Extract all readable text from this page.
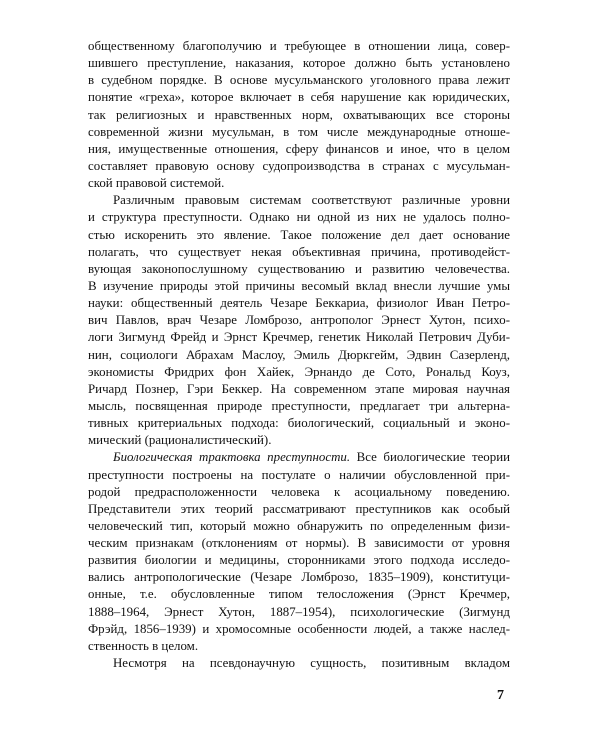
общественному благополучию и требующее в отношении лица, совер-
шившего преступление, наказания, которое должно быть установлено
в судебном порядке. В основе мусульманского уголовного права лежит
понятие «греха», которое включает в себя нарушение как юридических,
так религиозных и нравственных норм, охватывающих все стороны
современной жизни мусульман, в том числе международные отноше-
ния, имущественные отношения, сферу финансов и иное, что в целом
составляет правовую основу судопроизводства в странах с мусульман-
ской правовой системой.
Различным правовым системам соответствуют различные уровни
и структура преступности. Однако ни одной из них не удалось полно-
стью искоренить это явление. Такое положение дел дает основание
полагать, что существует некая объективная причина, противодейст-
вующая законопослушному существованию и развитию человечества.
В изучение природы этой причины весомый вклад внесли лучшие умы
науки: общественный деятель Чезаре Беккариа, физиолог Иван Петро-
вич Павлов, врач Чезаре Ломброзо, антрополог Эрнест Хутон, психо-
логи Зигмунд Фрейд и Эрнст Кречмер, генетик Николай Петрович Дуби-
нин, социологи Абрахам Маслоу, Эмиль Дюркгейм, Эдвин Сазерленд,
экономисты Фридрих фон Хайек, Эрнандо де Сото, Рональд Коуз,
Ричард Познер, Гэри Беккер. На современном этапе мировая научная
мысль, посвященная природе преступности, предлагает три альтерна-
тивных критериальных подхода: биологический, социальный и эконо-
мический (рационалистический).
Биологическая трактовка преступности. Все биологические теории
преступности построены на постулате о наличии обусловленной при-
родой предрасположенности человека к асоциальному поведению.
Представители этих теорий рассматривают преступников как особый
человеческий тип, который можно обнаружить по определенным физи-
ческим признакам (отклонениям от нормы). В зависимости от уровня
развития биологии и медицины, сторонниками этого подхода исследо-
вались антропологические (Чезаре Ломброзо, 1835–1909), конституци-
онные, т.е. обусловленные типом телосложения (Эрнст Кречмер,
1888–1964, Эрнест Хутон, 1887–1954), психологические (Зигмунд
Фрэйд, 1856–1939) и хромосомные особенности людей, а также наслед-
ственность в целом.
Несмотря на псевдонаучную сущность, позитивным вкладом
7
